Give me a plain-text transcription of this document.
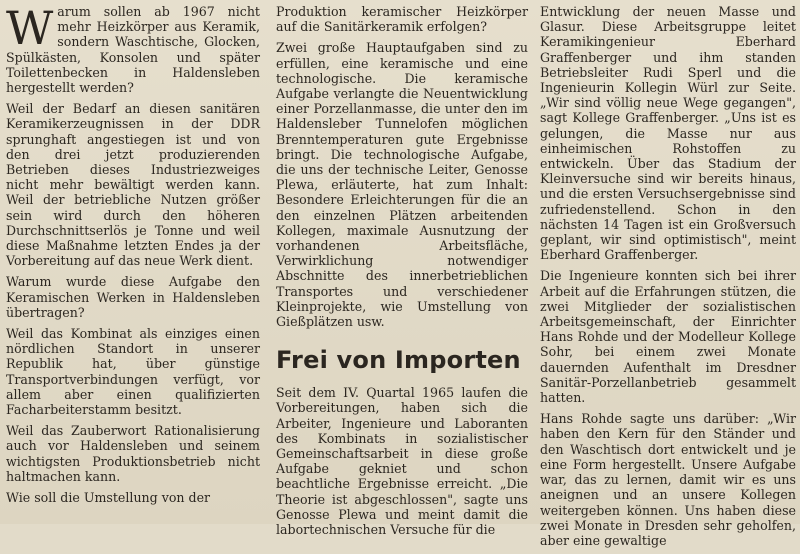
Warum sollen ab 1967 nicht mehr Heizkörper aus Keramik, sondern Waschtische, Glocken, Spülkästen, Konsolen und später Toilettenbecken in Haldensleben hergestellt werden?

Weil der Bedarf an diesen sanitären Keramikerzeugnissen in der DDR sprunghaft angestiegen ist und von den drei jetzt produzierenden Betrieben dieses Industriezweiges nicht mehr bewältigt werden kann. Weil der betriebliche Nutzen größer sein wird durch den höheren Durchschnittserlös je Tonne und weil diese Maßnahme letzten Endes ja der Vorbereitung auf das neue Werk dient.

Warum wurde diese Aufgabe den Keramischen Werken in Haldensleben übertragen?

Weil das Kombinat als einziges einen nördlichen Standort in unserer Republik hat, über günstige Transportverbindungen verfügt, vor allem aber einen qualifizierten Facharbeiterstamm besitzt.

Weil das Zauberwort Rationalisierung auch vor Haldensleben und seinem wichtigsten Produktionsbetrieb nicht haltmachen kann.

Wie soll die Umstellung von der

Produktion keramischer Heizkörper auf die Sanitärkeramik erfolgen?

Zwei große Hauptaufgaben sind zu erfüllen, eine keramische und eine technologische. Die keramische Aufgabe verlangte die Neuentwicklung einer Porzellanmasse, die unter den im Haldensleber Tunnelofen möglichen Brenntemperaturen gute Ergebnisse bringt. Die technologische Aufgabe, die uns der technische Leiter, Genosse Plewa, erläuterte, hat zum Inhalt: Besondere Erleichterungen für die an den einzelnen Plätzen arbeitenden Kollegen, maximale Ausnutzung der vorhandenen Arbeitsfläche, Verwirklichung notwendiger Abschnitte des innerbetrieblichen Transportes und verschiedener Kleinprojekte, wie Umstellung von Gießplätzen usw.

Frei von Importen

Seit dem IV. Quartal 1965 laufen die Vorbereitungen, haben sich die Arbeiter, Ingenieure und Laboranten des Kombinats in sozialistischer Gemeinschaftsarbeit in diese große Aufgabe gekniet und schon beachtliche Ergebnisse erreicht. „Die Theorie ist abgeschlossen", sagte uns Genosse Plewa und meint damit die labortechnischen Versuche für die

Entwicklung der neuen Masse und Glasur. Diese Arbeitsgruppe leitet Keramikingenieur Eberhard Graffenberger und ihm standen Betriebsleiter Rudi Sperl und die Ingenieurin Kollegin Würl zur Seite. „Wir sind völlig neue Wege gegangen", sagt Kollege Graffenberger. „Uns ist es gelungen, die Masse nur aus einheimischen Rohstoffen zu entwickeln. Über das Stadium der Kleinversuche sind wir bereits hinaus, und die ersten Versuchsergebnisse sind zufriedenstellend. Schon in den nächsten 14 Tagen ist ein Großversuch geplant, wir sind optimistisch", meint Eberhard Graffenberger.

Die Ingenieure konnten sich bei ihrer Arbeit auf die Erfahrungen stützen, die zwei Mitglieder der sozialistischen Arbeitsgemeinschaft, der Einrichter Hans Rohde und der Modelleur Kollege Sohr, bei einem zwei Monate dauernden Aufenthalt im Dresdner Sanitär-Porzellanbetrieb gesammelt hatten.

Hans Rohde sagte uns darüber: „Wir haben den Kern für den Ständer und den Waschtisch dort entwickelt und je eine Form hergestellt. Unsere Aufgabe war, das zu lernen, damit wir es uns aneignen und an unsere Kollegen weitergeben können. Uns haben diese zwei Monate in Dresden sehr geholfen, aber eine gewaltige
